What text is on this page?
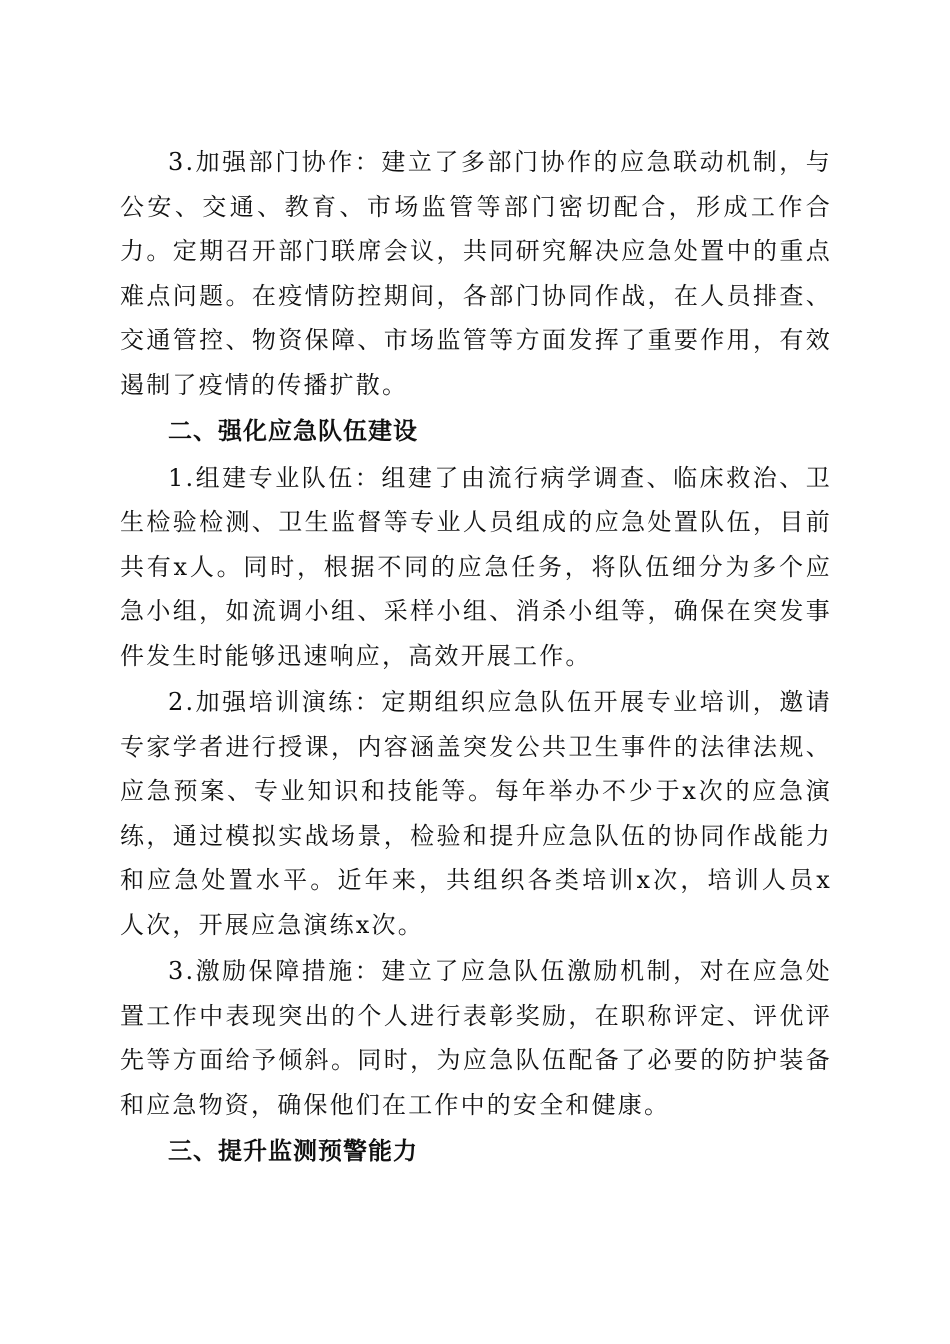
3.加强部门协作：建立了多部门协作的应急联动机制，与公安、交通、教育、市场监管等部门密切配合，形成工作合力。定期召开部门联席会议，共同研究解决应急处置中的重点难点问题。在疫情防控期间，各部门协同作战，在人员排查、交通管控、物资保障、市场监管等方面发挥了重要作用，有效遏制了疫情的传播扩散。

二、强化应急队伍建设

1.组建专业队伍：组建了由流行病学调查、临床救治、卫生检验检测、卫生监督等专业人员组成的应急处置队伍，目前共有x人。同时，根据不同的应急任务，将队伍细分为多个应急小组，如流调小组、采样小组、消杀小组等，确保在突发事件发生时能够迅速响应，高效开展工作。

2.加强培训演练：定期组织应急队伍开展专业培训，邀请专家学者进行授课，内容涵盖突发公共卫生事件的法律法规、应急预案、专业知识和技能等。每年举办不少于x次的应急演练，通过模拟实战场景，检验和提升应急队伍的协同作战能力和应急处置水平。近年来，共组织各类培训x次，培训人员x人次，开展应急演练x次。

3.激励保障措施：建立了应急队伍激励机制，对在应急处置工作中表现突出的个人进行表彰奖励，在职称评定、评优评先等方面给予倾斜。同时，为应急队伍配备了必要的防护装备和应急物资，确保他们在工作中的安全和健康。

三、提升监测预警能力
